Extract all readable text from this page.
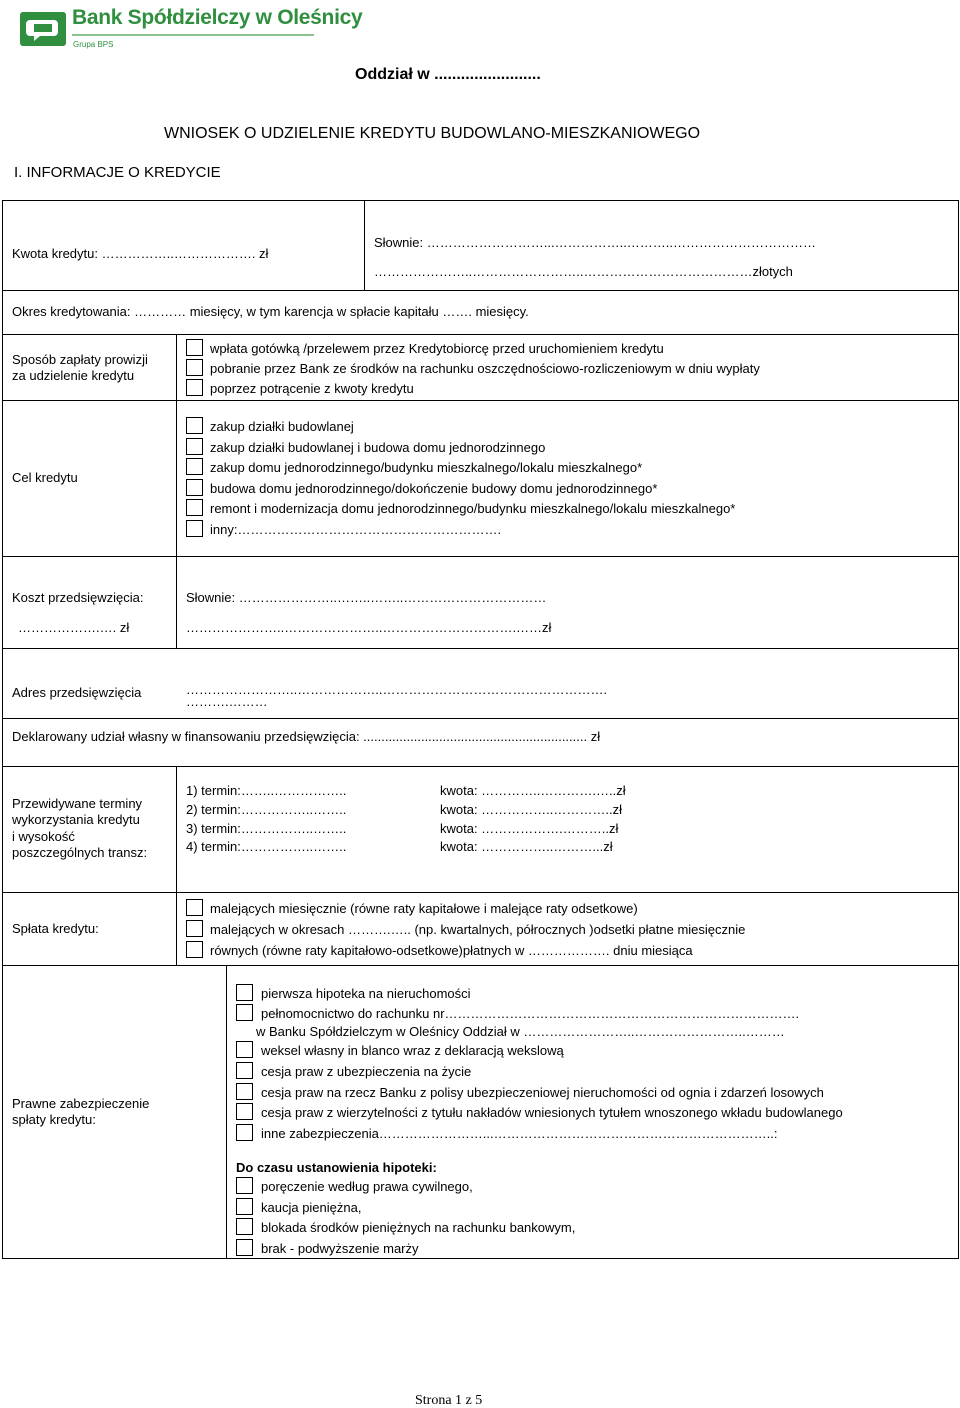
Bank Spółdzielczy w Oleśnicy
Grupa BPS
Oddział w ........................
WNIOSEK O UDZIELENIE KREDYTU BUDOWLANO-MIESZKANIOWEGO
I. INFORMACJE O KREDYCIE
Kwota kredytu: ……………..………………. zł
Słownie: ………………………...……………..………..……………………………
…………………..……………………..…………………………………złotych
Okres kredytowania: ………… miesięcy, w tym karencja w spłacie kapitału ……. miesięcy.
Sposób zapłaty prowizji
za udzielenie kredytu
wpłata gotówką /przelewem przez Kredytobiorcę przed uruchomieniem kredytu
pobranie przez Bank ze środków na rachunku oszczędnościowo-rozliczeniowym w dniu wypłaty
poprzez potrącenie z kwoty kredytu
Cel kredytu
zakup działki budowlanej
zakup działki budowlanej i budowa domu jednorodzinnego
zakup domu jednorodzinnego/budynku mieszkalnego/lokalu mieszkalnego*
budowa domu jednorodzinnego/dokończenie budowy domu jednorodzinnego*
remont i modernizacja domu jednorodzinnego/budynku mieszkalnego/lokalu mieszkalnego*
inny:…………………………………………………….
Koszt przedsięwzięcia:
……………….…. zł
Słownie: …………………..……..……..……………………………
…………………..…………………..………………………….……zł
Adres przedsięwzięcia	……………………..………………..…………………………………………….
……….………
Deklarowany udział własny w finansowaniu przedsięwzięcia: .............................................................. zł
Przewidywane terminy
wykorzystania kredytu
i wysokość
poszczególnych transz:
1) termin:……..……………..	kwota: …………..………….…..zł
2) termin:……………..……..	kwota: ……………..…………..zł
3) termin:……………..……..	kwota: ……………….………..zł
4) termin:……………..……..	kwota: ……………..………...zł
Spłata kredytu:
malejących miesięcznie (równe raty kapitałowe i malejące raty odsetkowe)
malejących w okresach ……….….. (np. kwartalnych, półrocznych )odsetki płatne miesięcznie
równych (równe raty kapitałowo-odsetkowe)płatnych w ………………. dniu miesiąca
Prawne zabezpieczenie
spłaty kredytu:
pierwsza hipoteka na nieruchomości
pełnomocnictwo do rachunku nr……………………………………………………………………….
w Banku Spółdzielczym w Oleśnicy Oddział w ……………………..……………………..………
weksel własny in blanco wraz z deklaracją wekslową
cesja praw z ubezpieczenia na życie
cesja praw na rzecz Banku z polisy ubezpieczeniowej nieruchomości od ognia i zdarzeń losowych
cesja praw z wierzytelności z tytułu nakładów wniesionych tytułem wnoszonego wkładu budowlanego
inne zabezpieczenia……………………...………………………………………………………..:
Do czasu ustanowienia hipoteki:
poręczenie według prawa cywilnego,
kaucja pieniężna,
blokada środków pieniężnych na rachunku bankowym,
brak - podwyższenie marży
Strona 1 z 5
